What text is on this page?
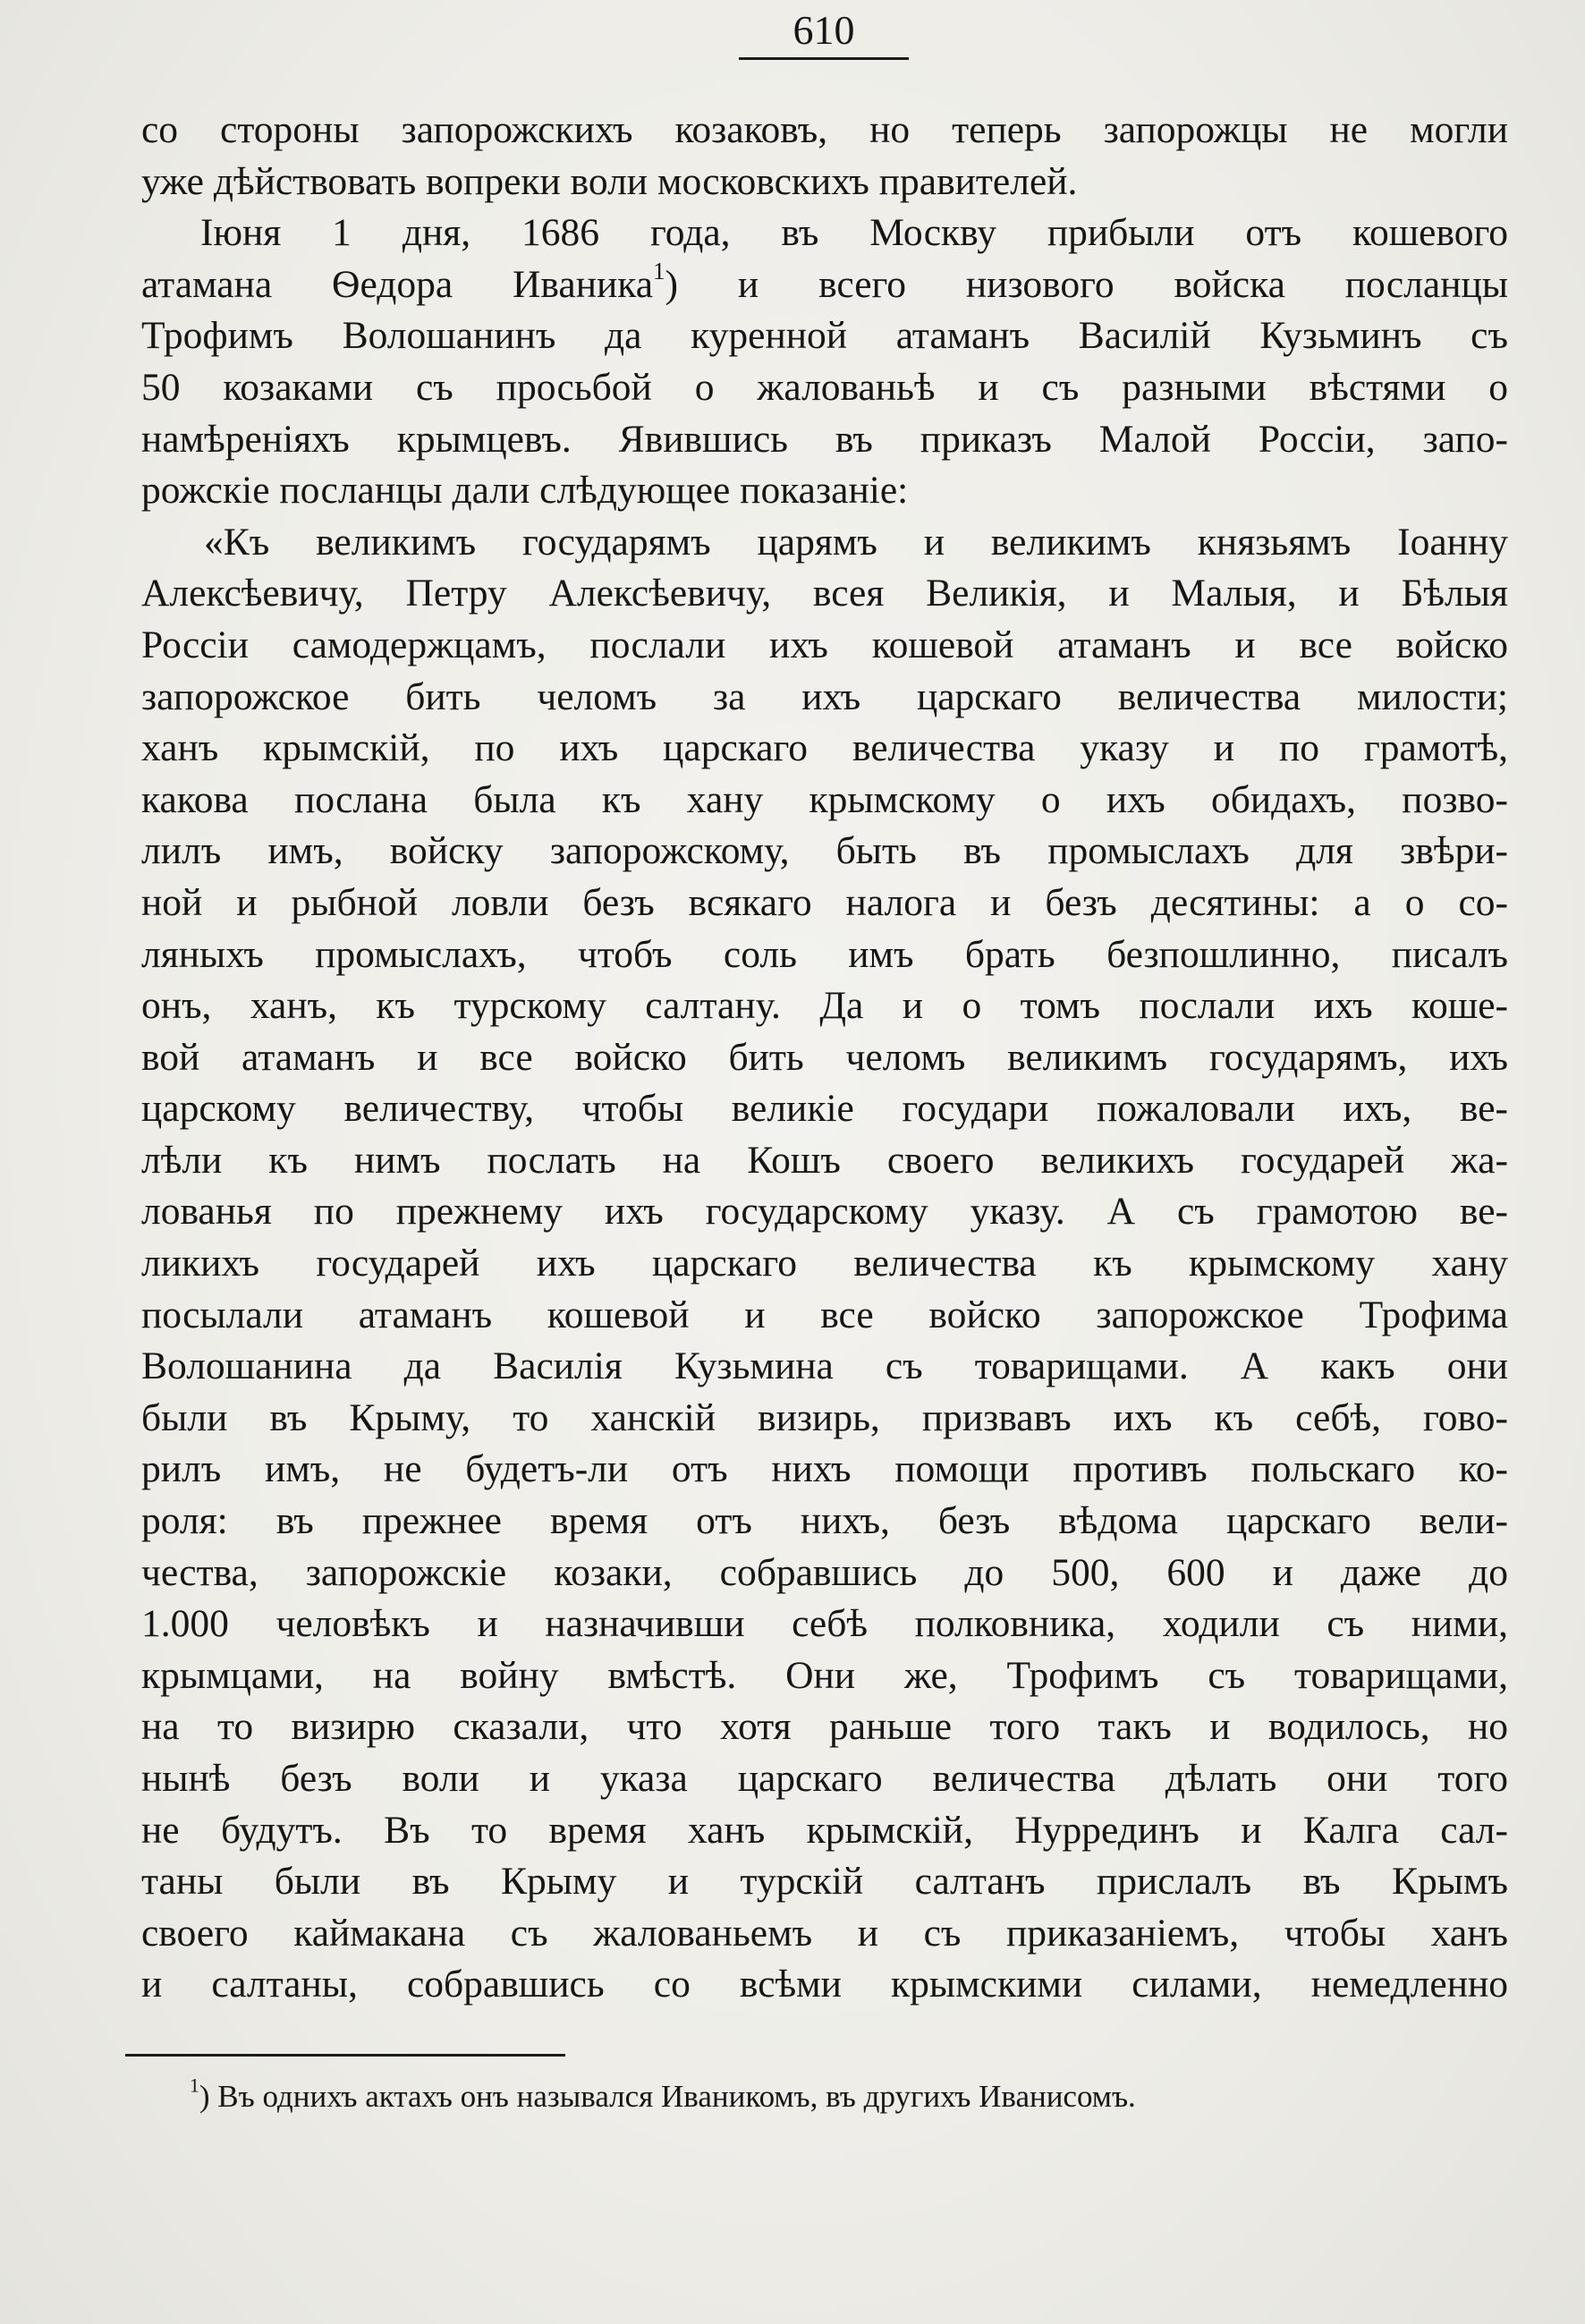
610
со стороны запорожскихъ козаковъ, но теперь запорожцы не могли
уже дѣйствовать вопреки воли московскихъ правителей.
Іюня 1 дня, 1686 года, въ Москву прибыли отъ кошевого
атамана Ѳедора Иваника$^1$) и всего низового войска посланцы
Трофимъ Волошанинъ да куренной атаманъ Василій Кузьминъ съ
50 козаками съ просьбой о жалованьѣ и съ разными вѣстями о
намѣреніяхъ крымцевъ. Явившись въ приказъ Малой Россіи, запо-
рожскіе посланцы дали слѣдующее показаніе:
«Къ великимъ государямъ царямъ и великимъ князьямъ Іоанну
Алексѣевичу, Петру Алексѣевичу, всея Великія, и Малыя, и Бѣлыя
Россіи самодержцамъ, послали ихъ кошевой атаманъ и все войско
запорожское бить челомъ за ихъ царскаго величества милости;
ханъ крымскій, по ихъ царскаго величества указу и по грамотѣ,
какова послана была къ хану крымскому о ихъ обидахъ, позво-
лилъ имъ, войску запорожскому, быть въ промыслахъ для звѣри-
ной и рыбной ловли безъ всякаго налога и безъ десятины: а о со-
ляныхъ промыслахъ, чтобъ соль имъ брать безпошлинно, писалъ
онъ, ханъ, къ турскому салтану. Да и о томъ послали ихъ коше-
вой атаманъ и все войско бить челомъ великимъ государямъ, ихъ
царскому величеству, чтобы великіе государи пожаловали ихъ, ве-
лѣли къ нимъ послать на Кошъ своего великихъ государей жа-
лованья по прежнему ихъ государскому указу. А съ грамотою ве-
ликихъ государей ихъ царскаго величества къ крымскому хану
посылали атаманъ кошевой и все войско запорожское Трофима
Волошанина да Василія Кузьмина съ товарищами. А какъ они
были въ Крыму, то ханскій визирь, призвавъ ихъ къ себѣ, гово-
рилъ имъ, не будетъ-ли отъ нихъ помощи противъ польскаго ко-
роля: въ прежнее время отъ нихъ, безъ вѣдома царскаго вели-
чества, запорожскіе козаки, собравшись до 500, 600 и даже до
1.000 человѣкъ и назначивши себѣ полковника, ходили съ ними,
крымцами, на войну вмѣстѣ. Они же, Трофимъ съ товарищами,
на то визирю сказали, что хотя раньше того такъ и водилось, но
нынѣ безъ воли и указа царскаго величества дѣлать они того
не будутъ. Въ то время ханъ крымскій, Нуррединъ и Калга сал-
таны были въ Крыму и турскій салтанъ прислалъ въ Крымъ
своего каймакана съ жалованьемъ и съ приказаніемъ, чтобы ханъ
и салтаны, собравшись со всѣми крымскими силами, немедленно
$^1$) Въ однихъ актахъ онъ назывался Иваникомъ, въ другихъ Иванисомъ.
